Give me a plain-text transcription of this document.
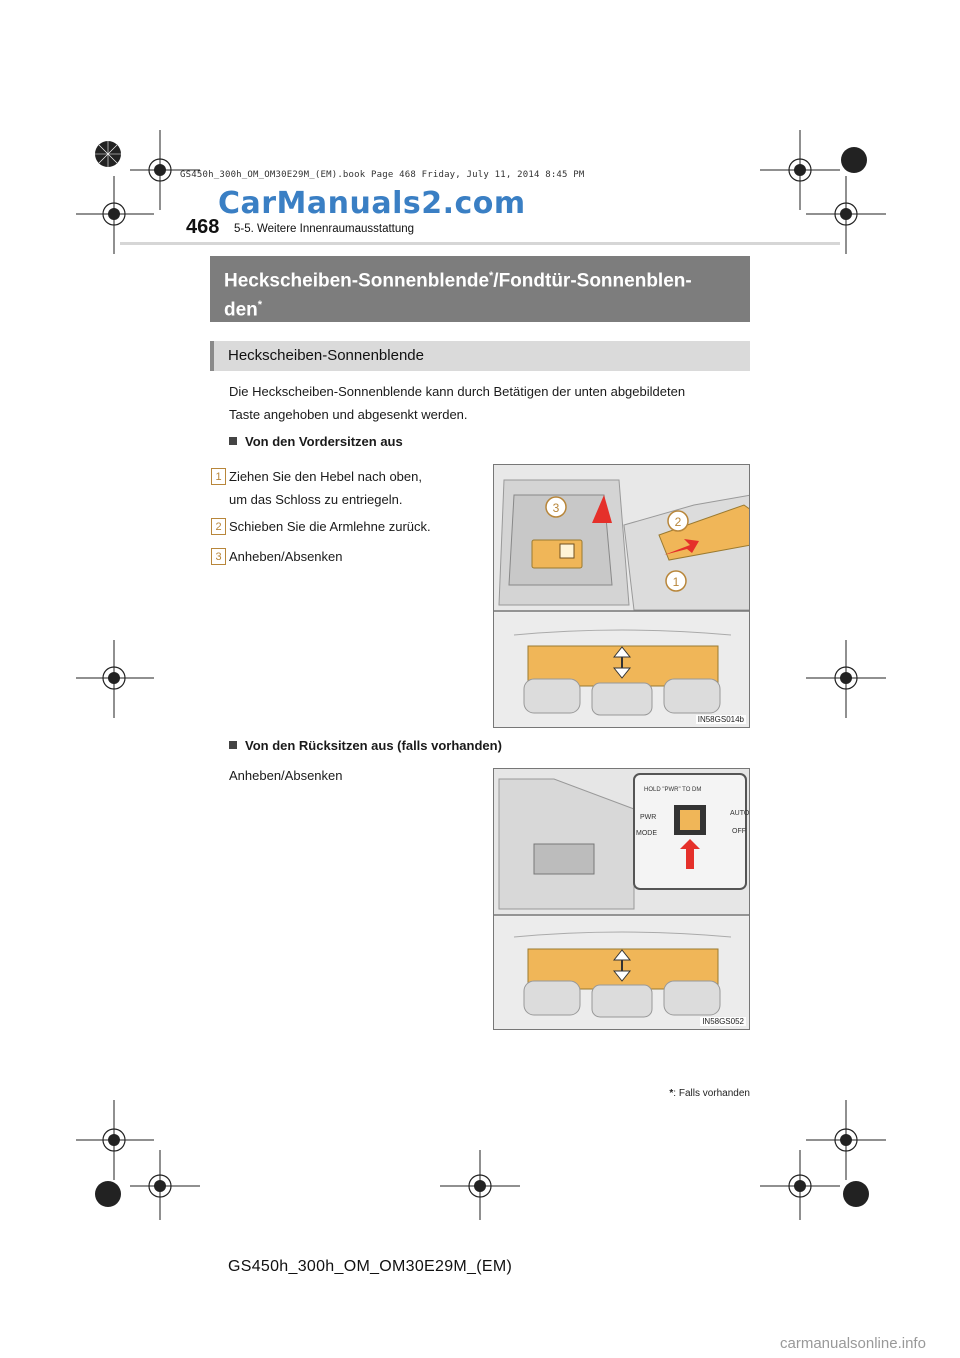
GS450h_300h_OM_OM30E29M_(EM).book Page 468 Friday, July 11, 2014 8:45 PM
CarManuals2.com
468 5-5. Weitere Innenraumausstattung
Heckscheiben-Sonnenblende*/Fondtür-Sonnenblen-
den*
Heckscheiben-Sonnenblende
Die Heckscheiben-Sonnenblende kann durch Betätigen der unten abgebildeten
Taste angehoben und abgesenkt werden.
Von den Vordersitzen aus
1 Ziehen Sie den Hebel nach oben,
um das Schloss zu entriegeln.
2 Schieben Sie die Armlehne zurück.
3 Anheben/Absenken
3
2
1
IN58GS014b
Von den Rücksitzen aus (falls vorhanden)
Anheben/Absenken
HOLD "PWR" TO DM
PWR
MODE
AUTO
OFF
IN58GS052
*: Falls vorhanden
GS450h_300h_OM_OM30E29M_(EM)
carmanualsonline.info
